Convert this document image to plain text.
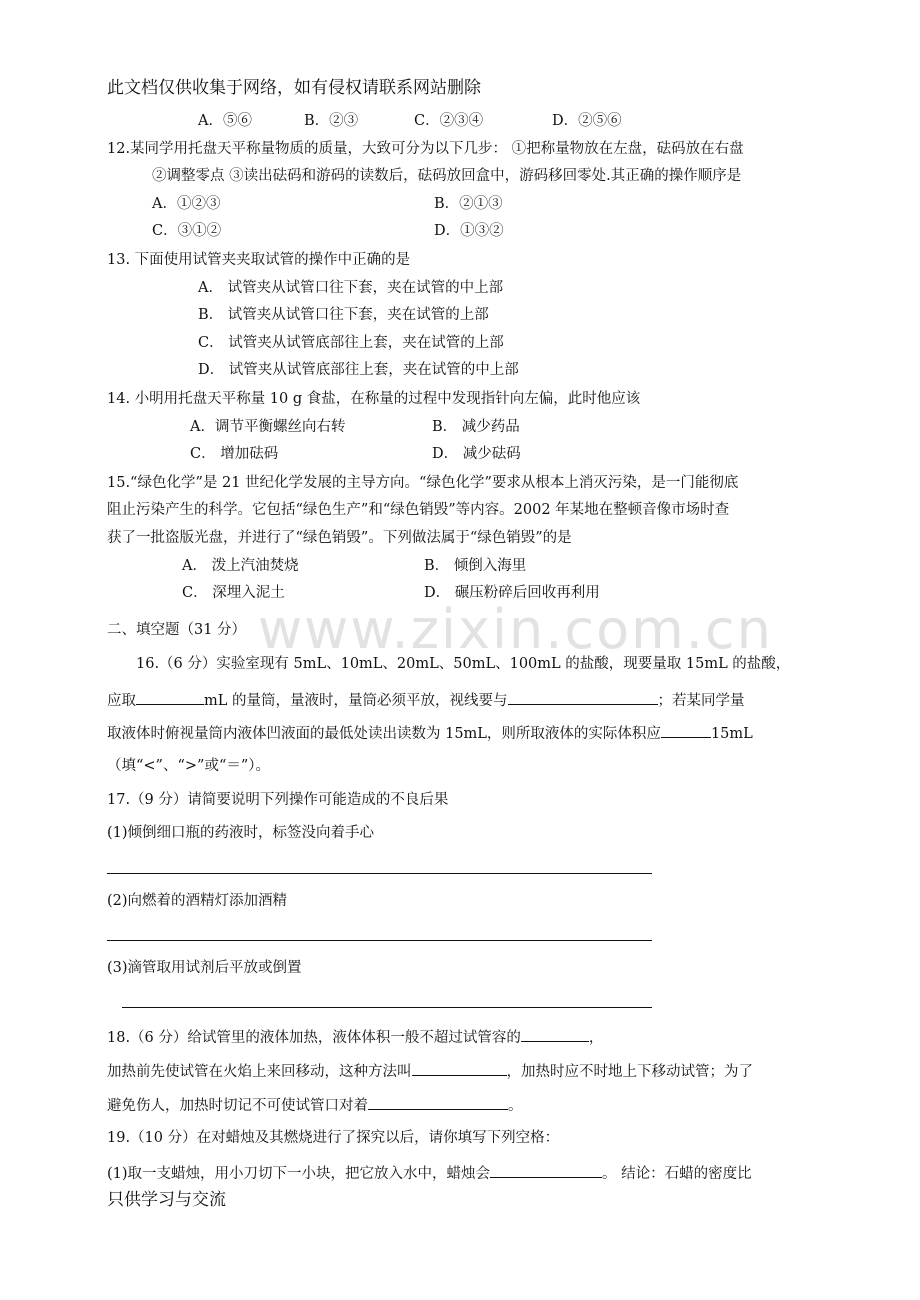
www.zixin.com.cn
此文档仅供收集于网络，如有侵权请联系网站删除
A．⑤⑥	B．②③	C．②③④	D．②⑤⑥
12.某同学用托盘天平称量物质的质量，大致可分为以下几步： ①把称量物放在左盘，砝码放在右盘
②调整零点 ③读出砝码和游码的读数后，砝码放回盒中，游码移回零处.其正确的操作顺序是
A．①②③	B．②①③
C．③①②	D．①③②
13. 下面使用试管夹夹取试管的操作中正确的是
A． 试管夹从试管口往下套，夹在试管的中上部
B． 试管夹从试管口往下套，夹在试管的上部
C． 试管夹从试管底部往上套，夹在试管的上部
D． 试管夹从试管底部往上套，夹在试管的中上部
14. 小明用托盘天平称量 10 g 食盐，在称量的过程中发现指针向左偏，此时他应该
A．调节平衡螺丝向右转	B． 减少药品
C． 增加砝码	D． 减少砝码
15.“绿色化学”是 21 世纪化学发展的主导方向。“绿色化学”要求从根本上消灭污染，是一门能彻底
阻止污染产生的科学。它包括“绿色生产”和“绿色销毁”等内容。2002 年某地在整顿音像市场时查
获了一批盗版光盘，并进行了“绿色销毁”。下列做法属于“绿色销毁”的是
A． 泼上汽油焚烧	B． 倾倒入海里
C． 深埋入泥土	D． 碾压粉碎后回收再利用
二、填空题（31 分）
16.（6 分）实验室现有 5mL、10mL、20mL、50mL、100mL 的盐酸，现要量取 15mL 的盐酸，
应取	mL 的量筒，量液时，量筒必须平放，视线要与	；若某同学量
取液体时俯视量筒内液体凹液面的最低处读出读数为 15mL，则所取液体的实际体积应	15mL
（填“<”、“>”或“＝”）。
17.（9 分）请简要说明下列操作可能造成的不良后果
(1)倾倒细口瓶的药液时，标签没向着手心
(2)向燃着的酒精灯添加酒精
(3)滴管取用试剂后平放或倒置
18.（6 分）给试管里的液体加热，液体体积一般不超过试管容的	，
加热前先使试管在火焰上来回移动，这种方法叫	，加热时应不时地上下移动试管；为了
避免伤人，加热时切记不可使试管口对着	。
19.（10 分）在对蜡烛及其燃烧进行了探究以后，请你填写下列空格：
(1)取一支蜡烛，用小刀切下一小块，把它放入水中，蜡烛会	。 结论：石蜡的密度比
只供学习与交流
